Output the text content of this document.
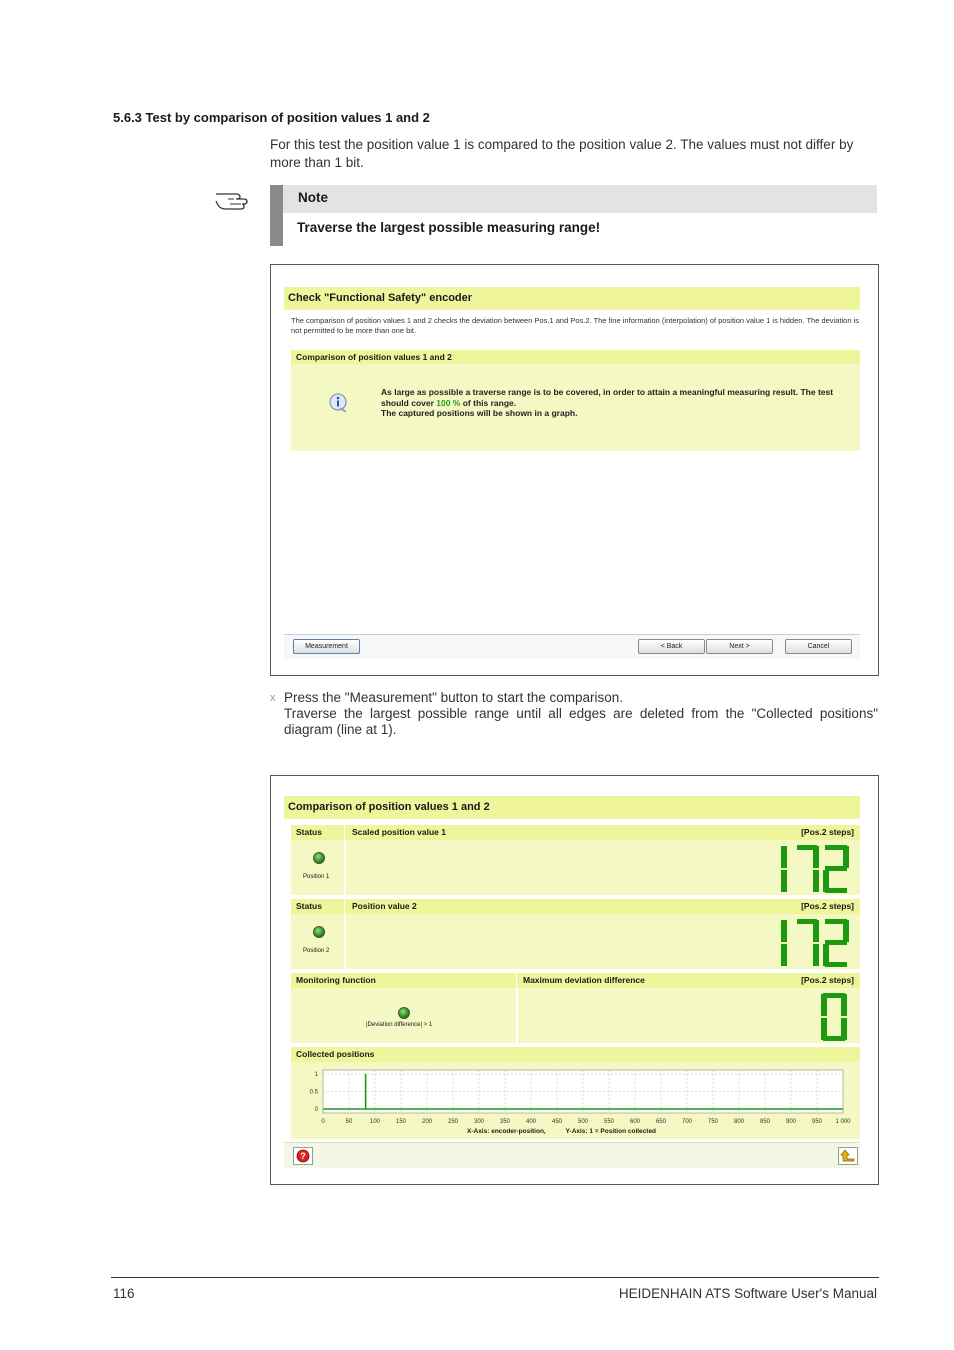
5.6.3 Test by comparison of position values 1 and 2
For this test the position value 1 is compared to the position value 2. The values must not differ by more than 1 bit.
Note
Traverse the largest possible measuring range!
Check "Functional Safety" encoder
The comparison of position values 1 and 2 checks the deviation between Pos.1 and Pos.2. The fine information (interpolation) of position value 1 is hidden. The deviation is not permitted to be more than one bit.
Comparison of position values 1 and 2
As large as possible a traverse range is to be covered, in order to attain a meaningful measuring result. The test should cover 100 % of this range.
The captured positions will be shown in a graph.
Measurement	< Back	Next >	Cancel
x Press the "Measurement" button to start the comparison.
Traverse the largest possible range until all edges are deleted from the "Collected positions" diagram (line at 1).
Comparison of position values 1 and 2
Status	Scaled position value 1	[Pos.2 steps]
Position 1
Status	Position value 2	[Pos.2 steps]
Position 2
Monitoring function	Maximum deviation difference	[Pos.2 steps]
|Deviation difference| > 1
Collected positions
0	50	100	150	200	250	300	350	400	450	500	550	600	650	700	750	800	850	900	950 1 000
1
0.5
0
X-Axis: encoder-position,	Y-Axis: 1 = Position collected
?
116	HEIDENHAIN ATS Software User's Manual
